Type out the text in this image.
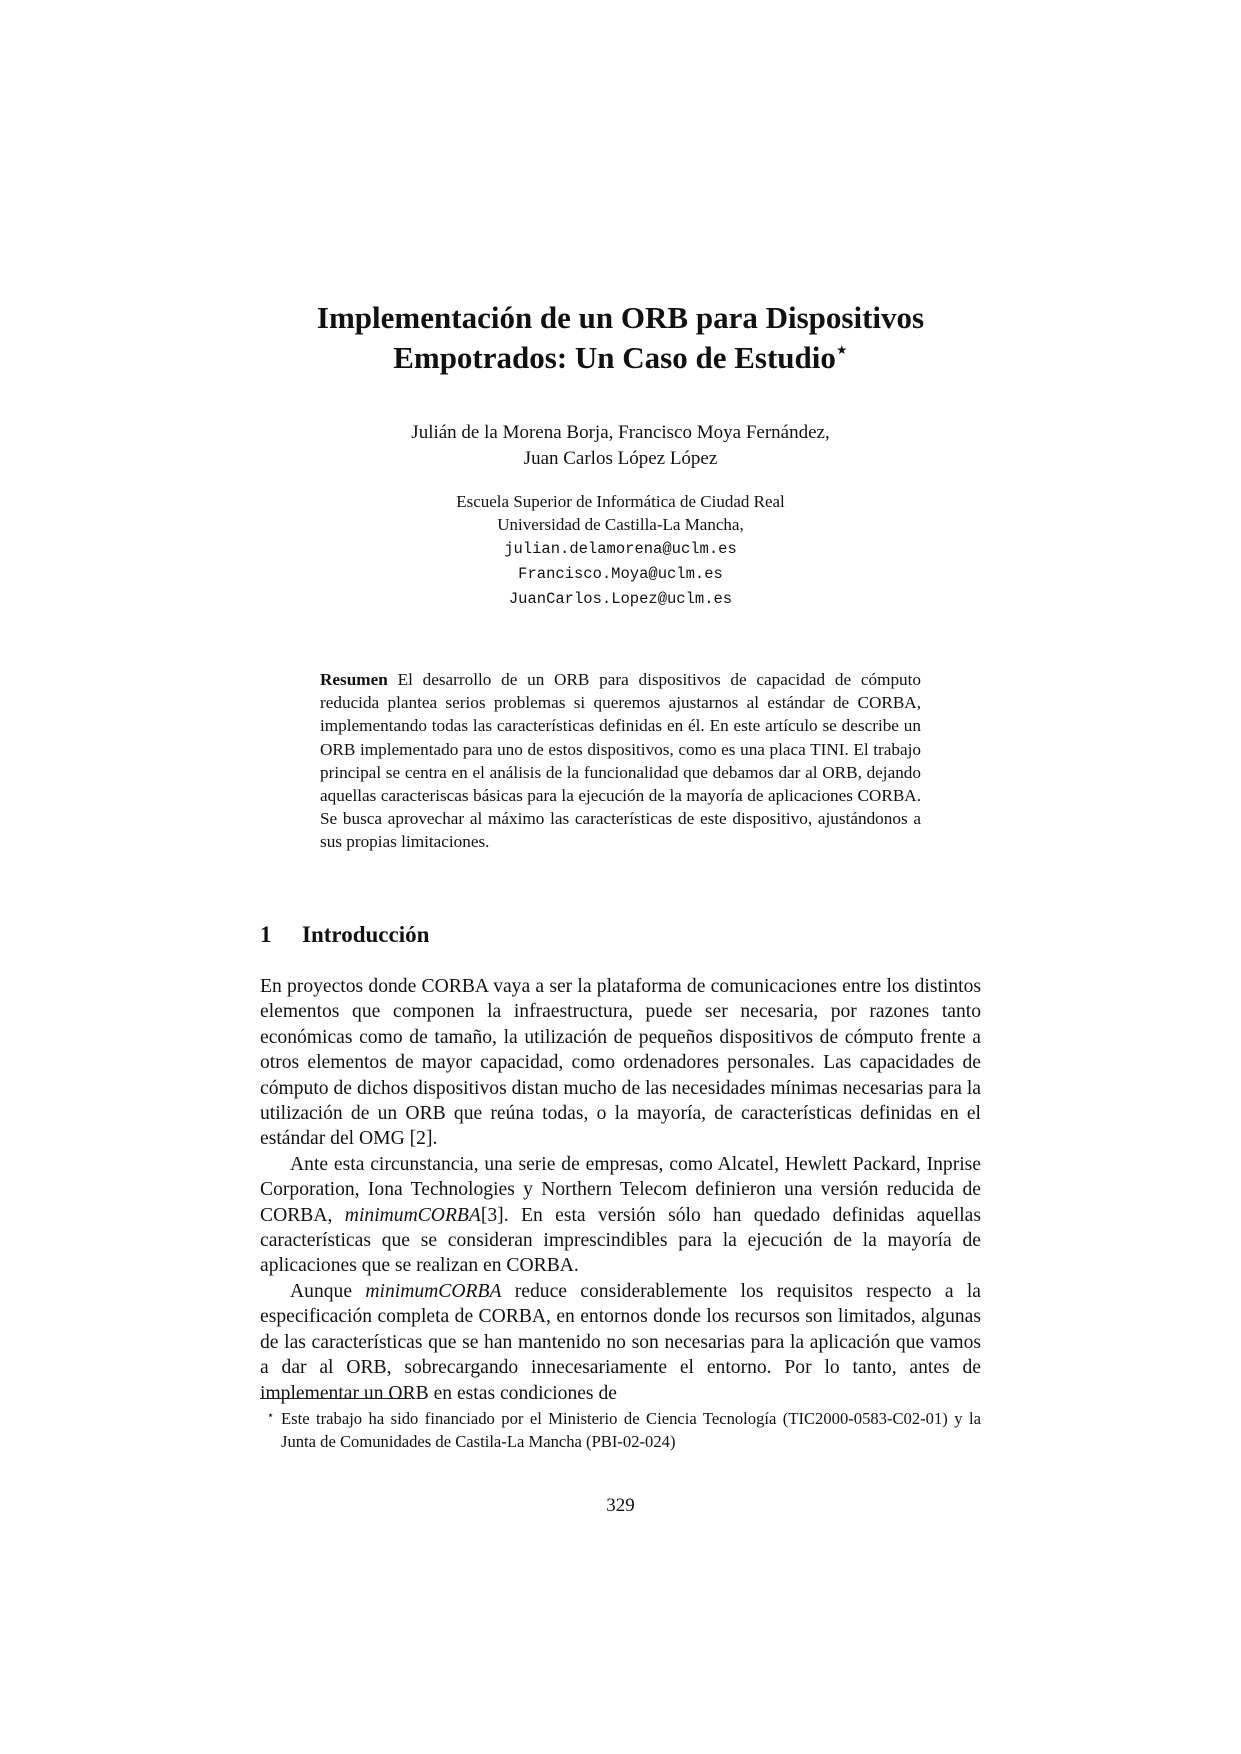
Implementación de un ORB para Dispositivos
Empotrados: Un Caso de Estudio⋆

Julián de la Morena Borja, Francisco Moya Fernández,
Juan Carlos López López

Escuela Superior de Informática de Ciudad Real
Universidad de Castilla-La Mancha,
julian.delamorena@uclm.es
Francisco.Moya@uclm.es
JuanCarlos.Lopez@uclm.es

Resumen El desarrollo de un ORB para dispositivos de capacidad de cómputo reducida plantea serios problemas si queremos ajustarnos al estándar de CORBA, implementando todas las características definidas en él. En este artículo se describe un ORB implementado para uno de estos dispositivos, como es una placa TINI. El trabajo principal se centra en el análisis de la funcionalidad que debamos dar al ORB, dejando aquellas caracteriscas básicas para la ejecución de la mayoría de aplicaciones CORBA. Se busca aprovechar al máximo las características de este dispositivo, ajustándonos a sus propias limitaciones.

1 Introducción

En proyectos donde CORBA vaya a ser la plataforma de comunicaciones entre los distintos elementos que componen la infraestructura, puede ser necesaria, por razones tanto económicas como de tamaño, la utilización de pequeños dispositivos de cómputo frente a otros elementos de mayor capacidad, como ordenadores personales. Las capacidades de cómputo de dichos dispositivos distan mucho de las necesidades mínimas necesarias para la utilización de un ORB que reúna todas, o la mayoría, de características definidas en el estándar del OMG [2].

Ante esta circunstancia, una serie de empresas, como Alcatel, Hewlett Packard, Inprise Corporation, Iona Technologies y Northern Telecom definieron una versión reducida de CORBA, minimumCORBA[3]. En esta versión sólo han quedado definidas aquellas características que se consideran imprescindibles para la ejecución de la mayoría de aplicaciones que se realizan en CORBA.

Aunque minimumCORBA reduce considerablemente los requisitos respecto a la especificación completa de CORBA, en entornos donde los recursos son limitados, algunas de las características que se han mantenido no son necesarias para la aplicación que vamos a dar al ORB, sobrecargando innecesariamente el entorno. Por lo tanto, antes de implementar un ORB en estas condiciones de

⋆ Este trabajo ha sido financiado por el Ministerio de Ciencia Tecnología (TIC2000-0583-C02-01) y la Junta de Comunidades de Castila-La Mancha (PBI-02-024)

329
